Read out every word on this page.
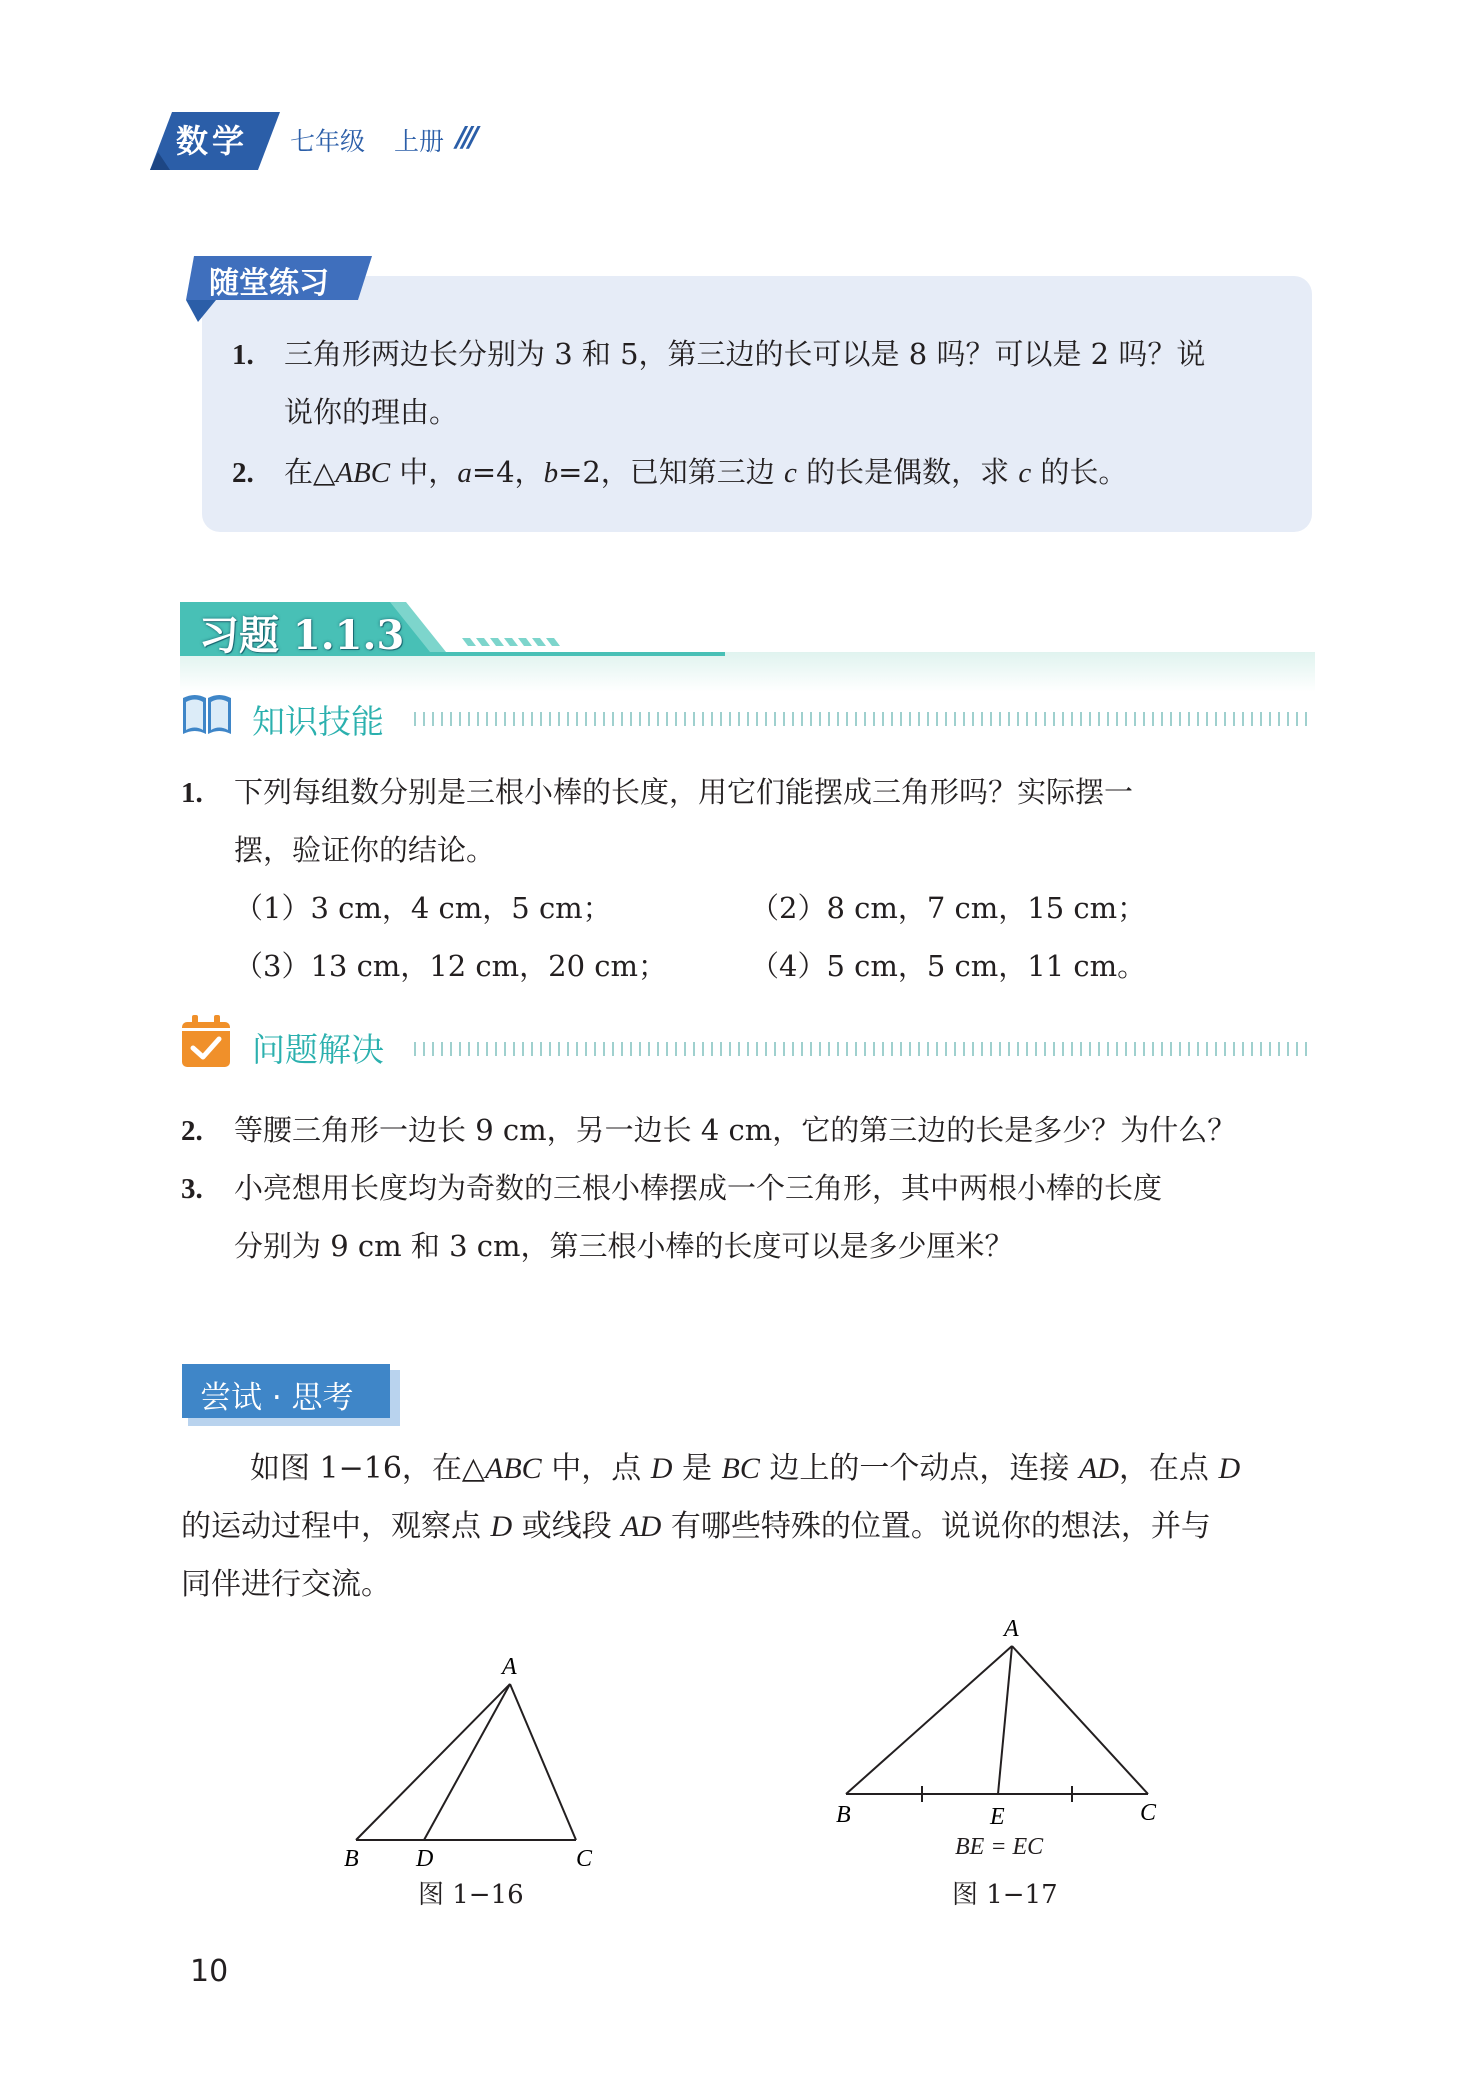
数学 七年级 上册 ///
随堂练习
1. 三角形两边长分别为 3 和 5，第三边的长可以是 8 吗？可以是 2 吗？说
说你的理由。
2. 在△ABC 中，a=4，b=2，已知第三边 c 的长是偶数，求 c 的长。
习题 1.1.3
知识技能
1. 下列每组数分别是三根小棒的长度，用它们能摆成三角形吗？实际摆一
摆，验证你的结论。
（1）3 cm，4 cm，5 cm；	（2）8 cm，7 cm，15 cm；
（3）13 cm，12 cm，20 cm；	（4）5 cm，5 cm，11 cm。
问题解决
2. 等腰三角形一边长 9 cm，另一边长 4 cm，它的第三边的长是多少？为什么？
3. 小亮想用长度均为奇数的三根小棒摆成一个三角形，其中两根小棒的长度
分别为 9 cm 和 3 cm，第三根小棒的长度可以是多少厘米？
尝试 · 思考
如图 1−16，在△ABC 中，点 D 是 BC 边上的一个动点，连接 AD，在点 D
的运动过程中，观察点 D 或线段 AD 有哪些特殊的位置。说说你的想法，并与
同伴进行交流。
A
B D	C
图 1−16
A
B	E	C
BE = EC
图 1−17
10
